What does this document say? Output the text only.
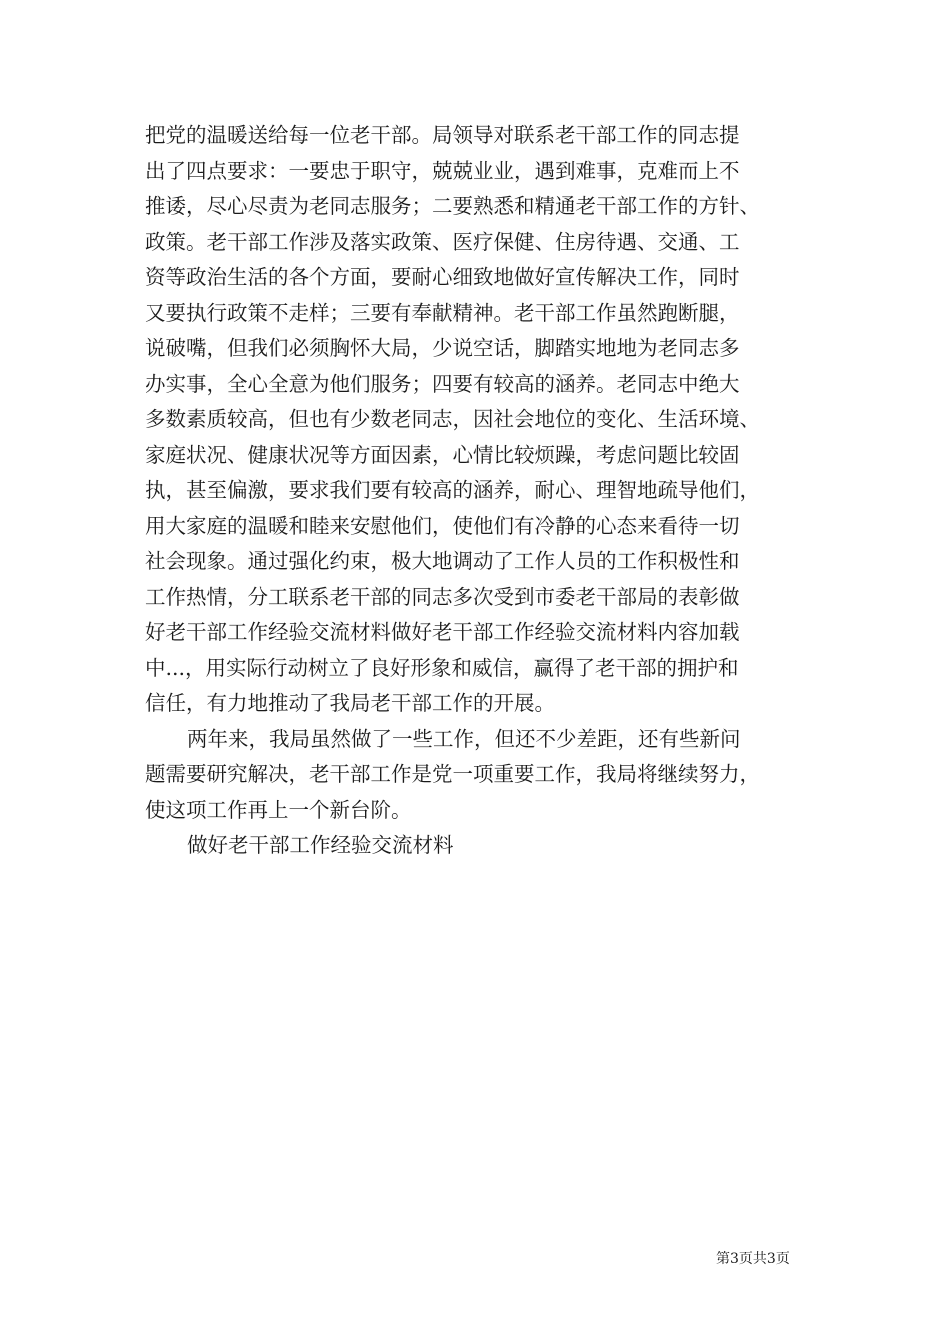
把党的温暖送给每一位老干部。局领导对联系老干部工作的同志提
出了四点要求：一要忠于职守，兢兢业业，遇到难事，克难而上不
推诿，尽心尽责为老同志服务；二要熟悉和精通老干部工作的方针、
政策。老干部工作涉及落实政策、医疗保健、住房待遇、交通、工
资等政治生活的各个方面，要耐心细致地做好宣传解决工作，同时
又要执行政策不走样；三要有奉献精神。老干部工作虽然跑断腿，
说破嘴，但我们必须胸怀大局，少说空话，脚踏实地地为老同志多
办实事，全心全意为他们服务；四要有较高的涵养。老同志中绝大
多数素质较高，但也有少数老同志，因社会地位的变化、生活环境、
家庭状况、健康状况等方面因素，心情比较烦躁，考虑问题比较固
执，甚至偏激，要求我们要有较高的涵养，耐心、理智地疏导他们，
用大家庭的温暖和睦来安慰他们，使他们有冷静的心态来看待一切
社会现象。通过强化约束，极大地调动了工作人员的工作积极性和
工作热情，分工联系老干部的同志多次受到市委老干部局的表彰做
好老干部工作经验交流材料做好老干部工作经验交流材料内容加载
中...，用实际行动树立了良好形象和威信，赢得了老干部的拥护和
信任，有力地推动了我局老干部工作的开展。
两年来，我局虽然做了一些工作，但还不少差距，还有些新问
题需要研究解决，老干部工作是党一项重要工作，我局将继续努力，
使这项工作再上一个新台阶。
做好老干部工作经验交流材料
第3页共3页
